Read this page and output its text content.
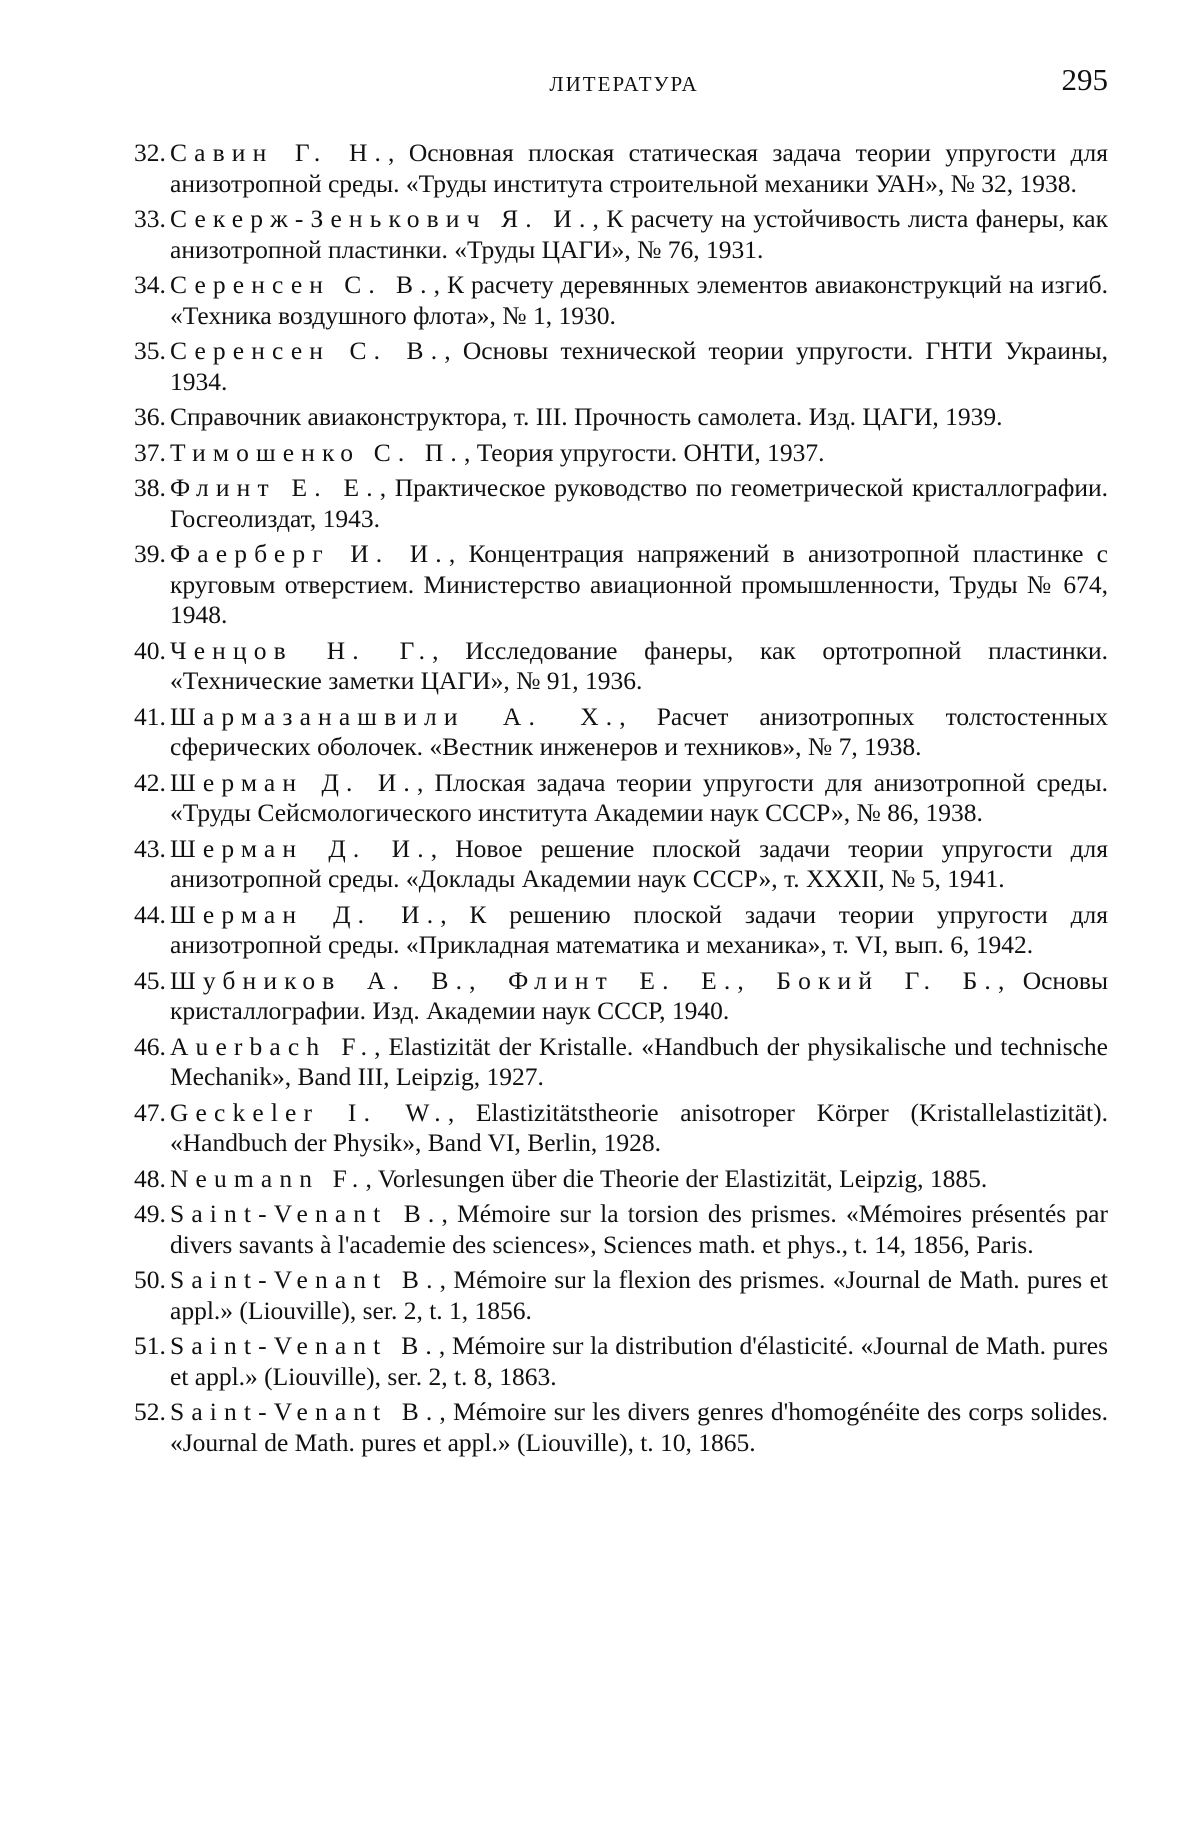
ЛИТЕРАТУРА	295
32. Савин Г. Н., Основная плоская статическая задача теории упругости для анизотропной среды. «Труды института строительной механики УАН», № 32, 1938.
33. Секерж-Зенькович Я. И., К расчету на устойчивость листа фанеры, как анизотропной пластинки. «Труды ЦАГИ», № 76, 1931.
34. Серенсен С. В., К расчету деревянных элементов авиаконструкций на изгиб. «Техника воздушного флота», № 1, 1930.
35. Серенсен С. В., Основы технической теории упругости. ГНТИ Украины, 1934.
36. Справочник авиаконструктора, т. III. Прочность самолета. Изд. ЦАГИ, 1939.
37. Тимошенко С. П., Теория упругости. ОНТИ, 1937.
38. Флинт Е. Е., Практическое руководство по геометрической кристаллографии. Госгеолиздат, 1943.
39. Фаерберг И. И., Концентрация напряжений в анизотропной пластинке с круговым отверстием. Министерство авиационной промышленности, Труды № 674, 1948.
40. Ченцов Н. Г., Исследование фанеры, как ортотропной пластинки. «Технические заметки ЦАГИ», № 91, 1936.
41. Шармазанашвили А. Х., Расчет анизотропных толстостенных сферических оболочек. «Вестник инженеров и техников», № 7, 1938.
42. Шерман Д. И., Плоская задача теории упругости для анизотропной среды. «Труды Сейсмологического института Академии наук СССР», № 86, 1938.
43. Шерман Д. И., Новое решение плоской задачи теории упругости для анизотропной среды. «Доклады Академии наук СССР», т. XXXII, № 5, 1941.
44. Шерман Д. И., К решению плоской задачи теории упругости для анизотропной среды. «Прикладная математика и механика», т. VI, вып. 6, 1942.
45. Шубников А. В., Флинт Е. Е., Бокий Г. Б., Основы кристаллографии. Изд. Академии наук СССР, 1940.
46. Auerbach F., Elastizität der Kristalle. «Handbuch der physikalische und technische Mechanik», Band III, Leipzig, 1927.
47. Geckeler I. W., Elastizitätstheorie anisotroper Körper (Kristallelastizität). «Handbuch der Physik», Band VI, Berlin, 1928.
48. Neumann F., Vorlesungen über die Theorie der Elastizität, Leipzig, 1885.
49. Saint-Venant B., Mémoire sur la torsion des prismes. «Mémoires présentés par divers savants à l'academie des sciences», Sciences math. et phys., t. 14, 1856, Paris.
50. Saint-Venant B., Mémoire sur la flexion des prismes. «Journal de Math. pures et appl.» (Liouville), ser. 2, t. 1, 1856.
51. Saint-Venant B., Mémoire sur la distribution d'élasticité. «Journal de Math. pures et appl.» (Liouville), ser. 2, t. 8, 1863.
52. Saint-Venant B., Mémoire sur les divers genres d'homogénéite des corps solides. «Journal de Math. pures et appl.» (Liouville), t. 10, 1865.
